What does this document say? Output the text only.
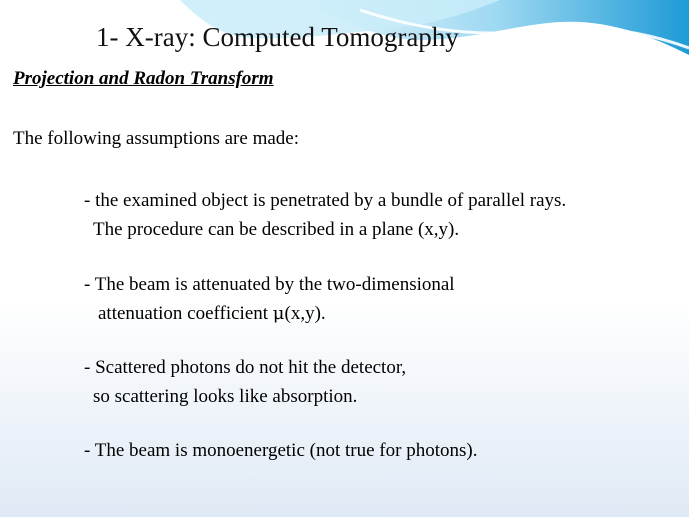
1- X-ray: Computed Tomography
Projection and Radon Transform
The following assumptions are made:
- the examined object is penetrated by a bundle of parallel rays.
The procedure can be described in a plane (x,y).
- The beam is attenuated by the two-dimensional
attenuation coefficient μ(x,y).
- Scattered photons do not hit the detector,
so scattering looks like absorption.
- The beam is monoenergetic (not true for photons).
